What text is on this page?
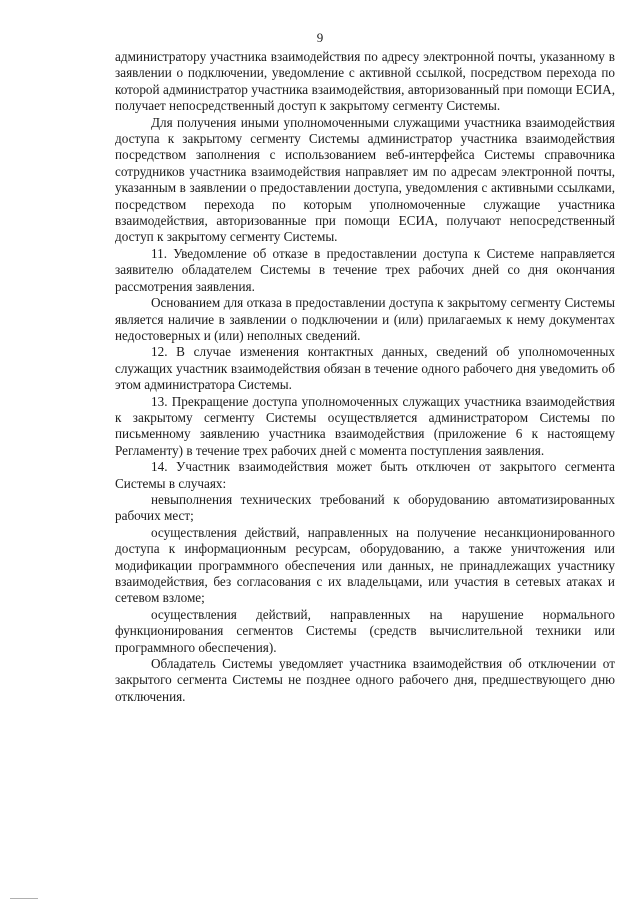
9

администратору участника взаимодействия по адресу электронной почты, указанному в заявлении о подключении, уведомление с активной ссылкой, посредством перехода по которой администратор участника взаимодействия, авторизованный при помощи ЕСИА, получает непосредственный доступ к закрытому сегменту Системы.

Для получения иными уполномоченными служащими участника взаимодействия доступа к закрытому сегменту Системы администратор участника взаимодействия посредством заполнения с использованием веб-интерфейса Системы справочника сотрудников участника взаимодействия направляет им по адресам электронной почты, указанным в заявлении о предоставлении доступа, уведомления с активными ссылками, посредством перехода по которым уполномоченные служащие участника взаимодействия, авторизованные при помощи ЕСИА, получают непосредственный доступ к закрытому сегменту Системы.

11. Уведомление об отказе в предоставлении доступа к Системе направляется заявителю обладателем Системы в течение трех рабочих дней со дня окончания рассмотрения заявления.

Основанием для отказа в предоставлении доступа к закрытому сегменту Системы является наличие в заявлении о подключении и (или) прилагаемых к нему документах недостоверных и (или) неполных сведений.

12. В случае изменения контактных данных, сведений об уполномоченных служащих участник взаимодействия обязан в течение одного рабочего дня уведомить об этом администратора Системы.

13. Прекращение доступа уполномоченных служащих участника взаимодействия к закрытому сегменту Системы осуществляется администратором Системы по письменному заявлению участника взаимодействия (приложение 6 к настоящему Регламенту) в течение трех рабочих дней с момента поступления заявления.

14. Участник взаимодействия может быть отключен от закрытого сегмента Системы в случаях:

невыполнения технических требований к оборудованию автоматизированных рабочих мест;

осуществления действий, направленных на получение несанкционированного доступа к информационным ресурсам, оборудованию, а также уничтожения или модификации программного обеспечения или данных, не принадлежащих участнику взаимодействия, без согласования с их владельцами, или участия в сетевых атаках и сетевом взломе;

осуществления действий, направленных на нарушение нормального функционирования сегментов Системы (средств вычислительной техники или программного обеспечения).

Обладатель Системы уведомляет участника взаимодействия об отключении от закрытого сегмента Системы не позднее одного рабочего дня, предшествующего дню отключения.
